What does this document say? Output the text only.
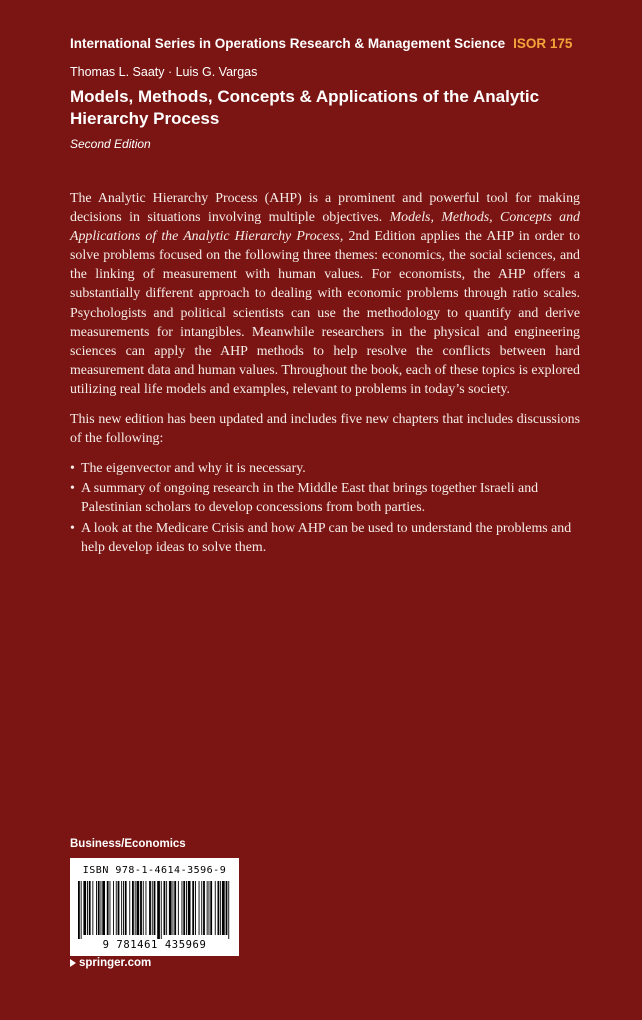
International Series in Operations Research & Management Science ISOR 175
Thomas L. Saaty · Luis G. Vargas
Models, Methods, Concepts & Applications of the Analytic Hierarchy Process
Second Edition

The Analytic Hierarchy Process (AHP) is a prominent and powerful tool for making decisions in situations involving multiple objectives. Models, Methods, Concepts and Applications of the Analytic Hierarchy Process, 2nd Edition applies the AHP in order to solve problems focused on the following three themes: economics, the social sciences, and the linking of measurement with human values. For economists, the AHP offers a substantially different approach to dealing with economic problems through ratio scales. Psychologists and political scientists can use the methodology to quantify and derive measurements for intangibles. Meanwhile researchers in the physical and engineering sciences can apply the AHP methods to help resolve the conflicts between hard measurement data and human values. Throughout the book, each of these topics is explored utilizing real life models and examples, relevant to problems in today’s society.

This new edition has been updated and includes five new chapters that includes discussions of the following:

• The eigenvector and why it is necessary.
• A summary of ongoing research in the Middle East that brings together Israeli and Palestinian scholars to develop concessions from both parties.
• A look at the Medicare Crisis and how AHP can be used to understand the problems and help develop ideas to solve them.
Business/Economics
ISBN 978-1-4614-3596-9
9 781461 435969
springer.com
